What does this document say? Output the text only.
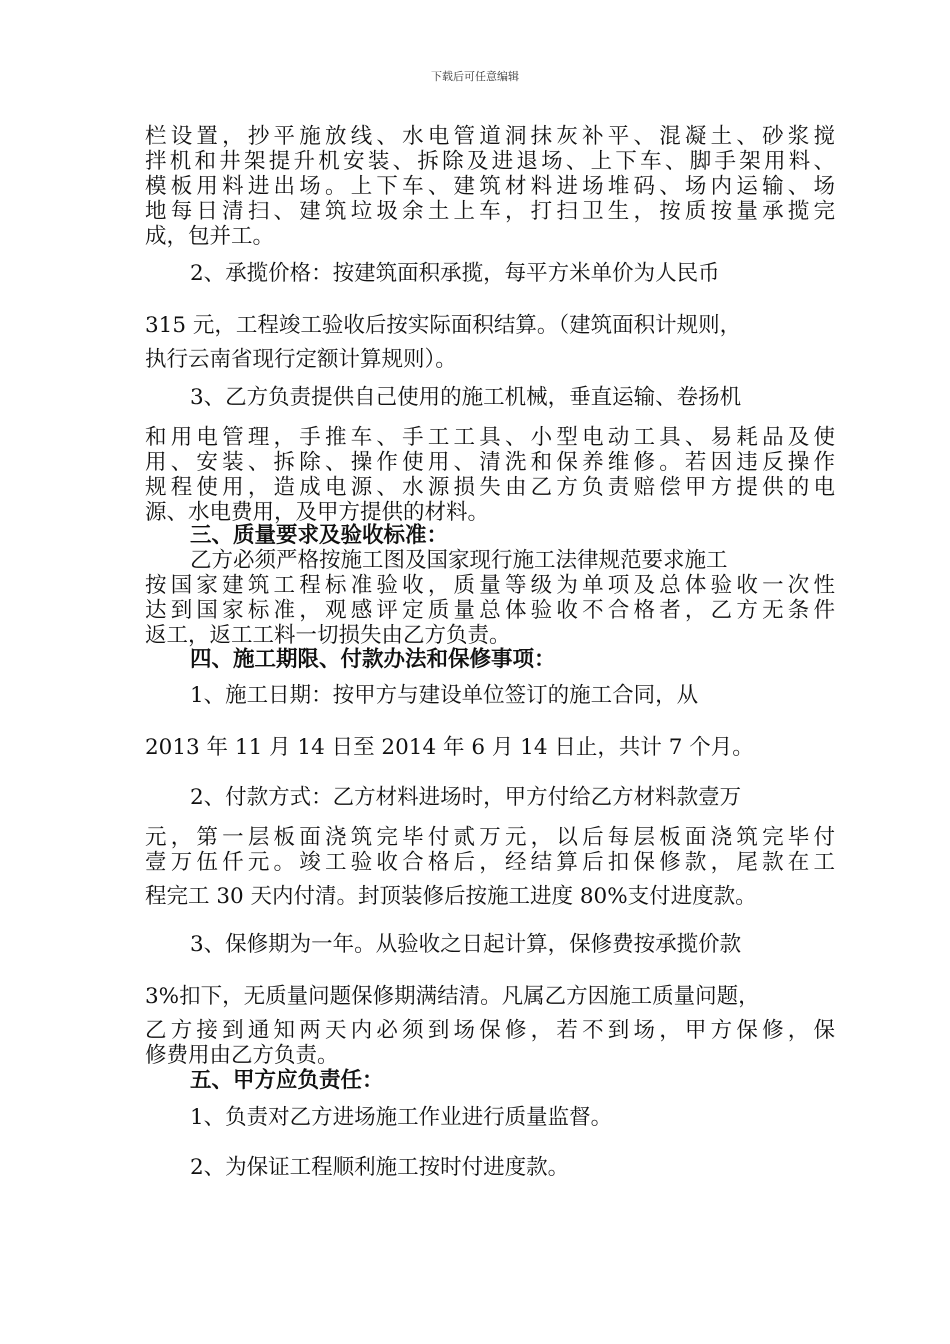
下载后可任意编辑
栏设置，抄平施放线、水电管道洞抹灰补平、混凝土、砂浆搅
拌机和井架提升机安装、拆除及进退场、上下车、脚手架用料、
模板用料进出场。上下车、建筑材料进场堆码、场内运输、场
地每日清扫、建筑垃圾余土上车，打扫卫生，按质按量承揽完
成，包并工。
2、承揽价格：按建筑面积承揽，每平方米单价为人民币
315 元，工程竣工验收后按实际面积结算。（建筑面积计规则，
执行云南省现行定额计算规则）。
3、乙方负责提供自己使用的施工机械，垂直运输、卷扬机
和用电管理，手推车、手工工具、小型电动工具、易耗品及使
用、安装、拆除、操作使用、清洗和保养维修。若因违反操作
规程使用，造成电源、水源损失由乙方负责赔偿甲方提供的电
源、水电费用，及甲方提供的材料。
三、质量要求及验收标准：
乙方必须严格按施工图及国家现行施工法律规范要求施工
按国家建筑工程标准验收，质量等级为单项及总体验收一次性
达到国家标准，观感评定质量总体验收不合格者，乙方无条件
返工，返工工料一切损失由乙方负责。
四、施工期限、付款办法和保修事项：
1、施工日期：按甲方与建设单位签订的施工合同，从
2013 年 11 月 14 日至 2014 年 6 月 14 日止，共计 7 个月。
2、付款方式：乙方材料进场时，甲方付给乙方材料款壹万
元，第一层板面浇筑完毕付贰万元，以后每层板面浇筑完毕付
壹万伍仟元。竣工验收合格后，经结算后扣保修款，尾款在工
程完工 30 天内付清。封顶装修后按施工进度 80%支付进度款。
3、保修期为一年。从验收之日起计算，保修费按承揽价款
3%扣下，无质量问题保修期满结清。凡属乙方因施工质量问题，
乙方接到通知两天内必须到场保修，若不到场，甲方保修，保
修费用由乙方负责。
五、甲方应负责任：
1、负责对乙方进场施工作业进行质量监督。
2、为保证工程顺利施工按时付进度款。
